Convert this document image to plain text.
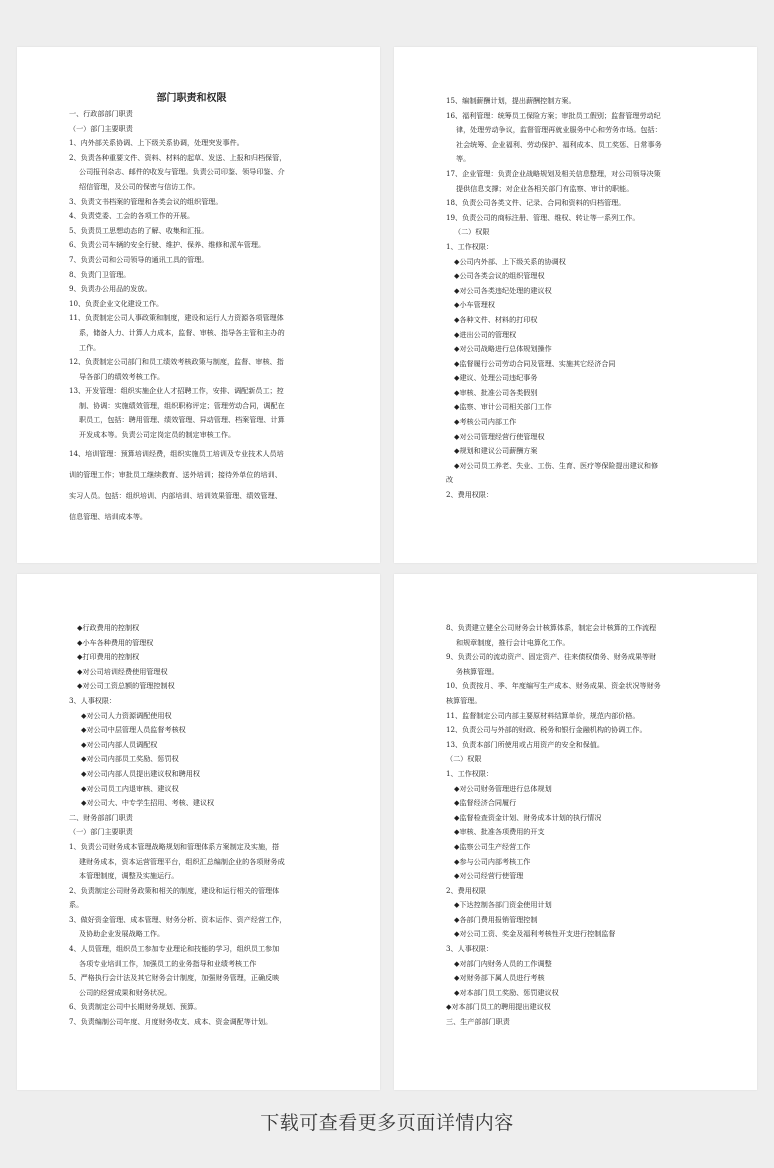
部门职责和权限
一、行政部部门职责
（一）部门主要职责
1、内外部关系协调、上下级关系协调，处理突发事件。
2、负责各种重要文件、资料、材料的起草、发送、上报和归档保管，
公司报刊杂志、邮件的收发与管理。负责公司印鉴、领导印鉴、介
绍信管理，及公司的保密与信访工作。
3、负责文书档案的管理和各类会议的组织管理。
4、负责党委、工会的各项工作的开展。
5、负责员工思想动态的了解、收集和汇报。
6、负责公司车辆的安全行驶、维护、保养、维修和派车管理。
7、负责公司和公司领导的通讯工具的管理。
8、负责门卫管理。
9、负责办公用品的发放。
10、负责企业文化建设工作。
11、负责制定公司人事政策和制度，建设和运行人力资源各项管理体
系，储备人力、计算人力成本，监督、审核、指导各主管和主办的
工作。
12、负责制定公司部门和员工绩效考核政策与制度，监督、审核、指
导各部门的绩效考核工作。
13、开发管理：组织实施企业人才招聘工作，安排、调配新员工；控
制、协调：实施绩效管理，组织职称评定；管理劳动合同，调配在
职员工，包括：聘用管理、绩效管理、异动管理、档案管理、计算
开发成本等。负责公司定岗定员的制定审核工作。
14、培训管理：预算培训经费，组织实施员工培训及专业技术人员培
训的管理工作；审批员工继续教育、送外培训；接待外单位的培训、
实习人员。包括：组织培训、内部培训、培训效果管理、绩效管理、
信息管理、培训成本等。
15、编制薪酬计划，提出薪酬控制方案。
16、福利管理：统筹员工保险方案；审批员工假别；监督管理劳动纪
律，处理劳动争议，监督管理再就业服务中心和劳务市场。包括：
社会统筹、企业福利、劳动保护、福利成本、员工奖惩、日常事务
等。
17、企业管理：负责企业战略规划及相关信息整理，对公司领导决策
提供信息支撑；对企业各相关部门有监察、审计的职能。
18、负责公司各类文件、记录、合同和资料的归档管理。
19、负责公司的商标注册、管理、维权、转让等一系列工作。
（二）权限
1、工作权限：
◆公司内外部、上下级关系的协调权
◆公司各类会议的组织管理权
◆对公司各类违纪处理的建议权
◆小车管理权
◆各种文件、材料的打印权
◆进出公司的管理权
◆对公司战略进行总体规划操作
◆监督履行公司劳动合同及管理、实施其它经济合同
◆建议、处理公司违纪事务
◆审核、批准公司各类假别
◆监察、审计公司相关部门工作
◆考核公司内部工作
◆对公司管理经营行使管理权
◆规划和建议公司薪酬方案
◆对公司员工养老、失业、工伤、生育、医疗等保险提出建议和修
改
2、费用权限：
◆行政费用的控制权
◆小车各种费用的管理权
◆打印费用的控制权
◆对公司培训经费使用管理权
◆对公司工资总额的管理控制权
3、人事权限：
◆对公司人力资源调配使用权
◆对公司中层管理人员监督考核权
◆对公司内部人员调配权
◆对公司内部员工奖励、惩罚权
◆对公司内部人员提出建议权和聘用权
◆对公司员工内退审核、建议权
◆对公司大、中专学生招用、考核、建议权
二、财务部部门职责
（一）部门主要职责
1、负责公司财务成本管理战略规划和管理体系方案制定及实施，搭
建财务成本，资本运营管理平台，组织汇总编制企业的各项财务成
本管理制度，调整及实施运行。
2、负责制定公司财务政策和相关的制度，建设和运行相关的管理体
系。
3、做好资金管理、成本管理、财务分析、资本运作、资产经营工作，
及协助企业发展战略工作。
4、人员管理，组织员工参加专业理论和技能的学习，组织员工参加
各项专业培训工作，加强员工的业务指导和业绩考核工作
5、严格执行会计法及其它财务会计制度，加强财务管理，正确反映
公司的经营成果和财务状况。
6、负责制定公司中长期财务规划、预算。
7、负责编制公司年度、月度财务收支、成本、资金调配等计划。
8、负责建立健全公司财务会计核算体系，制定会计核算的工作流程
和规章制度，推行会计电算化工作。
9、负责公司的流动资产、固定资产、往来债权债务、财务成果等财
务核算管理。
10、负责按月、季、年度编写生产成本、财务成果、资金状况等财务
核算管理。
11、监督制定公司内部主要原材料结算单价，规范内部价格。
12、负责公司与外部的财政、税务和银行金融机构的协调工作。
13、负责本部门所使用或占用资产的安全和保值。
（二）权限
1、工作权限：
◆对公司财务管理进行总体规划
◆监督经济合同履行
◆监督检查资金计划、财务成本计划的执行情况
◆审核、批准各项费用的开支
◆监察公司生产经营工作
◆参与公司内部考核工作
◆对公司经营行使管理
2、费用权限
◆下达控制各部门资金使用计划
◆各部门费用报销管理控制
◆对公司工资、奖金及福利考核性开支进行控制监督
3、人事权限：
◆对部门内财务人员的工作调整
◆对财务部下属人员进行考核
◆对本部门员工奖励、惩罚建议权
◆对本部门员工的聘用提出建议权
三、生产部部门职责
下载可查看更多页面详情内容
